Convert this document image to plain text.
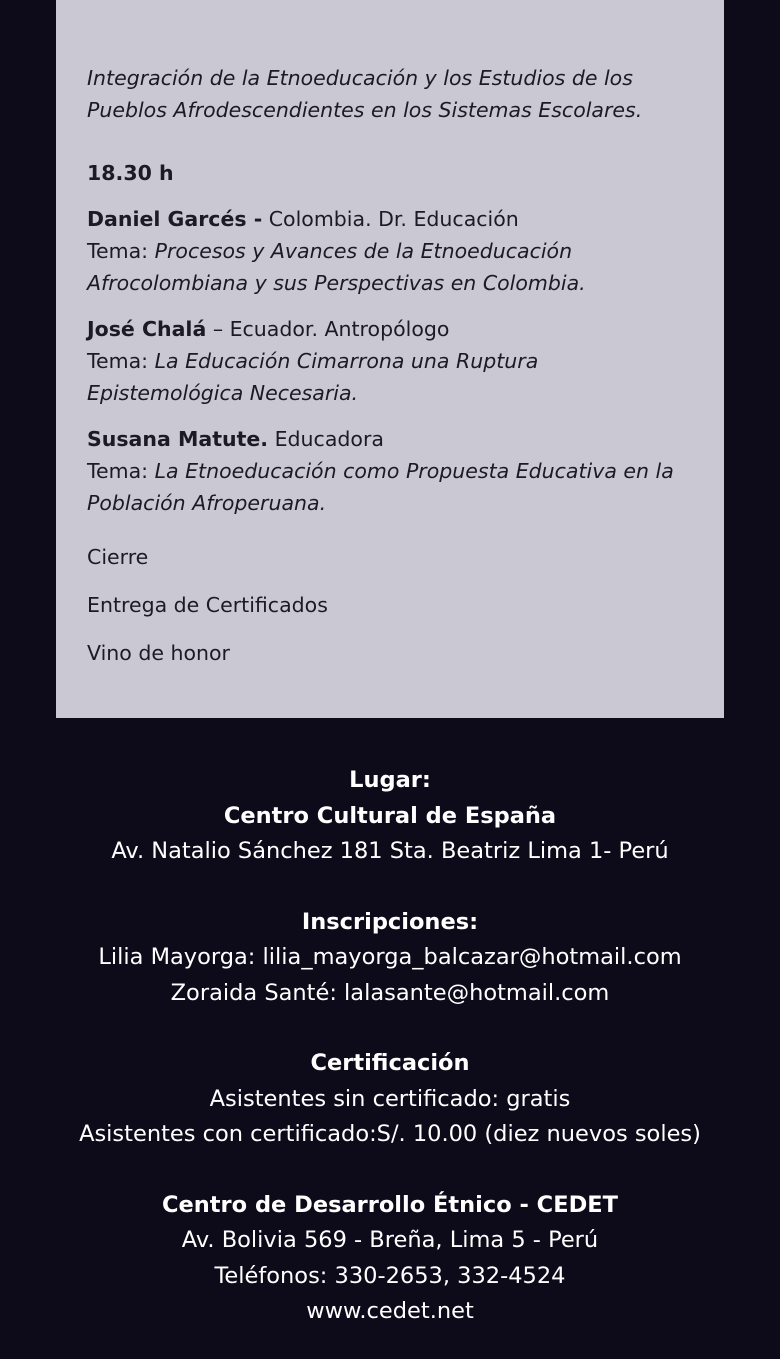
Integración de la Etnoeducación y los Estudios de los
Pueblos Afrodescendientes en los Sistemas Escolares.

18.30 h

Daniel Garcés - Colombia. Dr. Educación
Tema: Procesos y Avances de la Etnoeducación
Afrocolombiana y sus Perspectivas en Colombia.

José Chalá – Ecuador. Antropólogo
Tema: La Educación Cimarrona una Ruptura
Epistemológica Necesaria.

Susana Matute. Educadora
Tema: La Etnoeducación como Propuesta Educativa en la
Población Afroperuana.

Cierre

Entrega de Certificados

Vino de honor

Lugar:

Centro Cultural de España

Av. Natalio Sánchez 181 Sta. Beatriz Lima 1- Perú

Inscripciones:

Lilia Mayorga: lilia_mayorga_balcazar@hotmail.com

Zoraida Santé: lalasante@hotmail.com

Certificación

Asistentes sin certificado: gratis

Asistentes con certificado:S/. 10.00 (diez nuevos soles)

Centro de Desarrollo Étnico - CEDET

Av. Bolivia 569 - Breña, Lima 5 - Perú

Teléfonos: 330-2653, 332-4524

www.cedet.net
